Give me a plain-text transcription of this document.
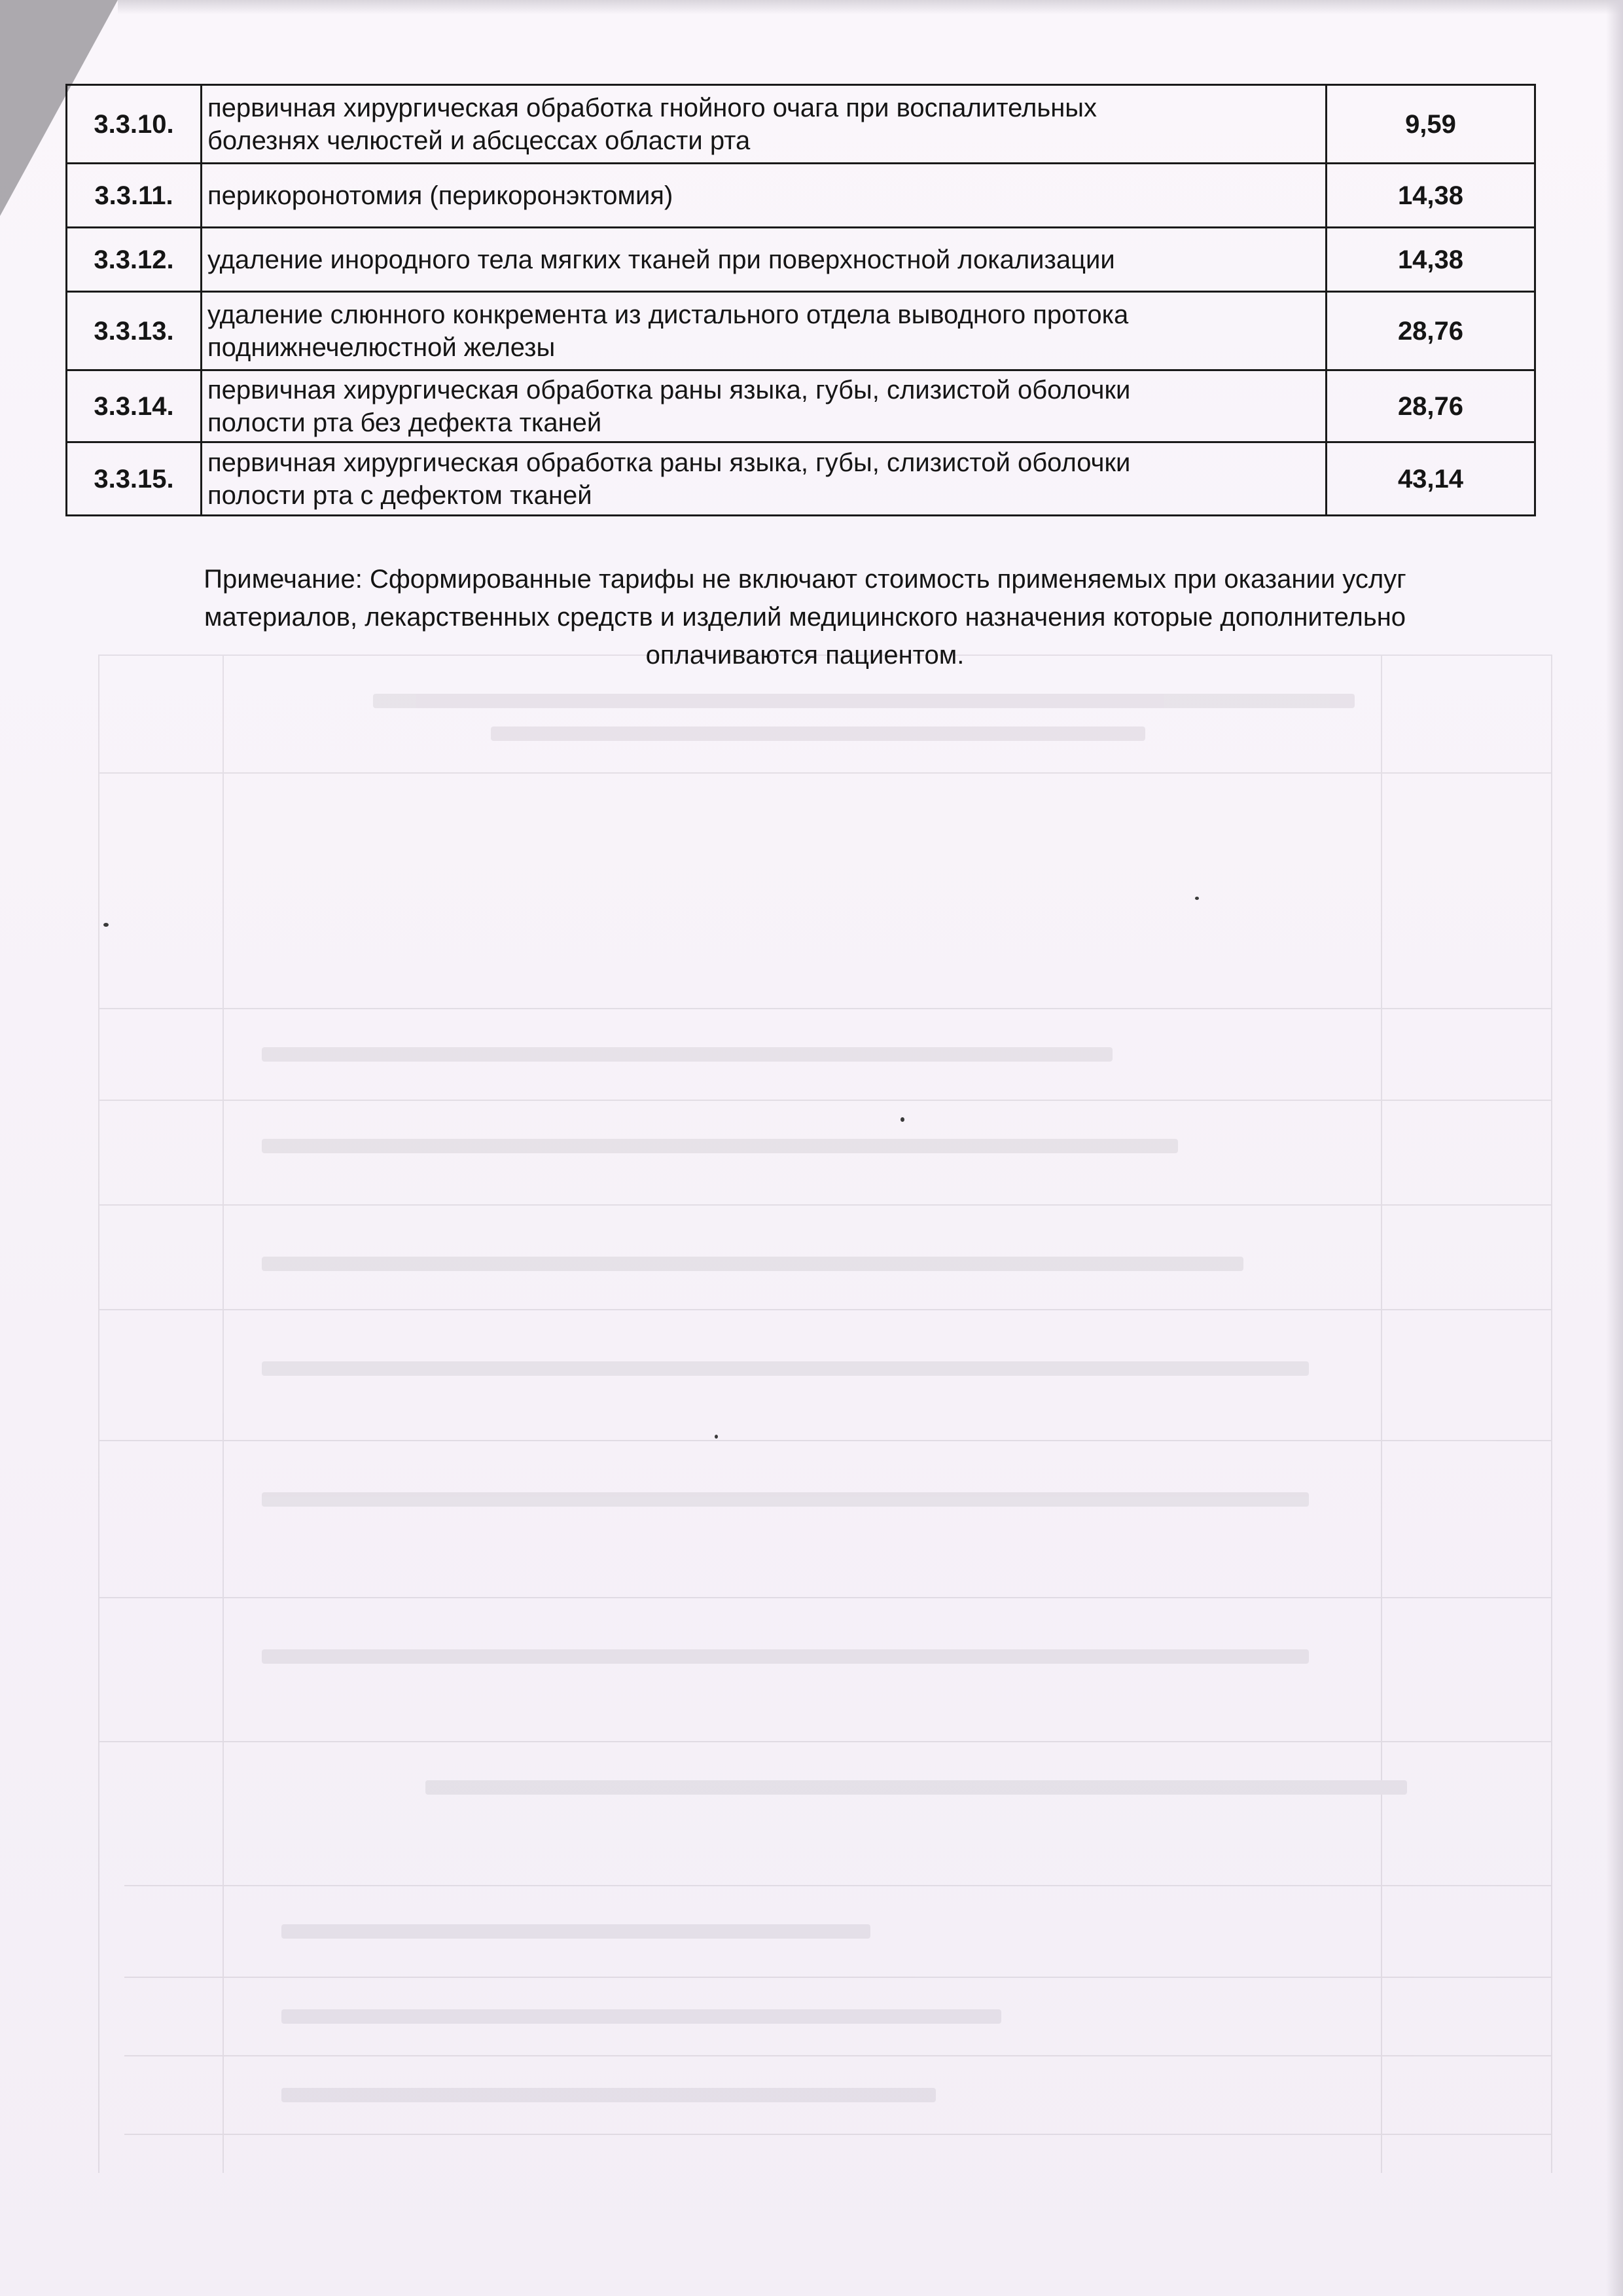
3.3.10.	первичная хирургическая обработка гнойного очага при воспалительных
болезнях челюстей и абсцессах области рта	9,59
3.3.11.	перикоронотомия (перикоронэктомия)	14,38
3.3.12.	удаление инородного тела мягких тканей при поверхностной локализации	14,38
3.3.13.	удаление слюнного конкремента из дистального отдела выводного протока
поднижнечелюстной железы	28,76
3.3.14.	первичная хирургическая обработка раны языка, губы, слизистой оболочки
полости рта без дефекта тканей	28,76
3.3.15.	первичная хирургическая обработка раны языка, губы, слизистой оболочки
полости рта с дефектом тканей	43,14
Примечание: Сформированные тарифы не включают стоимость применяемых при оказании услуг
материалов, лекарственных средств и изделий медицинского назначения которые дополнительно
оплачиваются пациентом.
